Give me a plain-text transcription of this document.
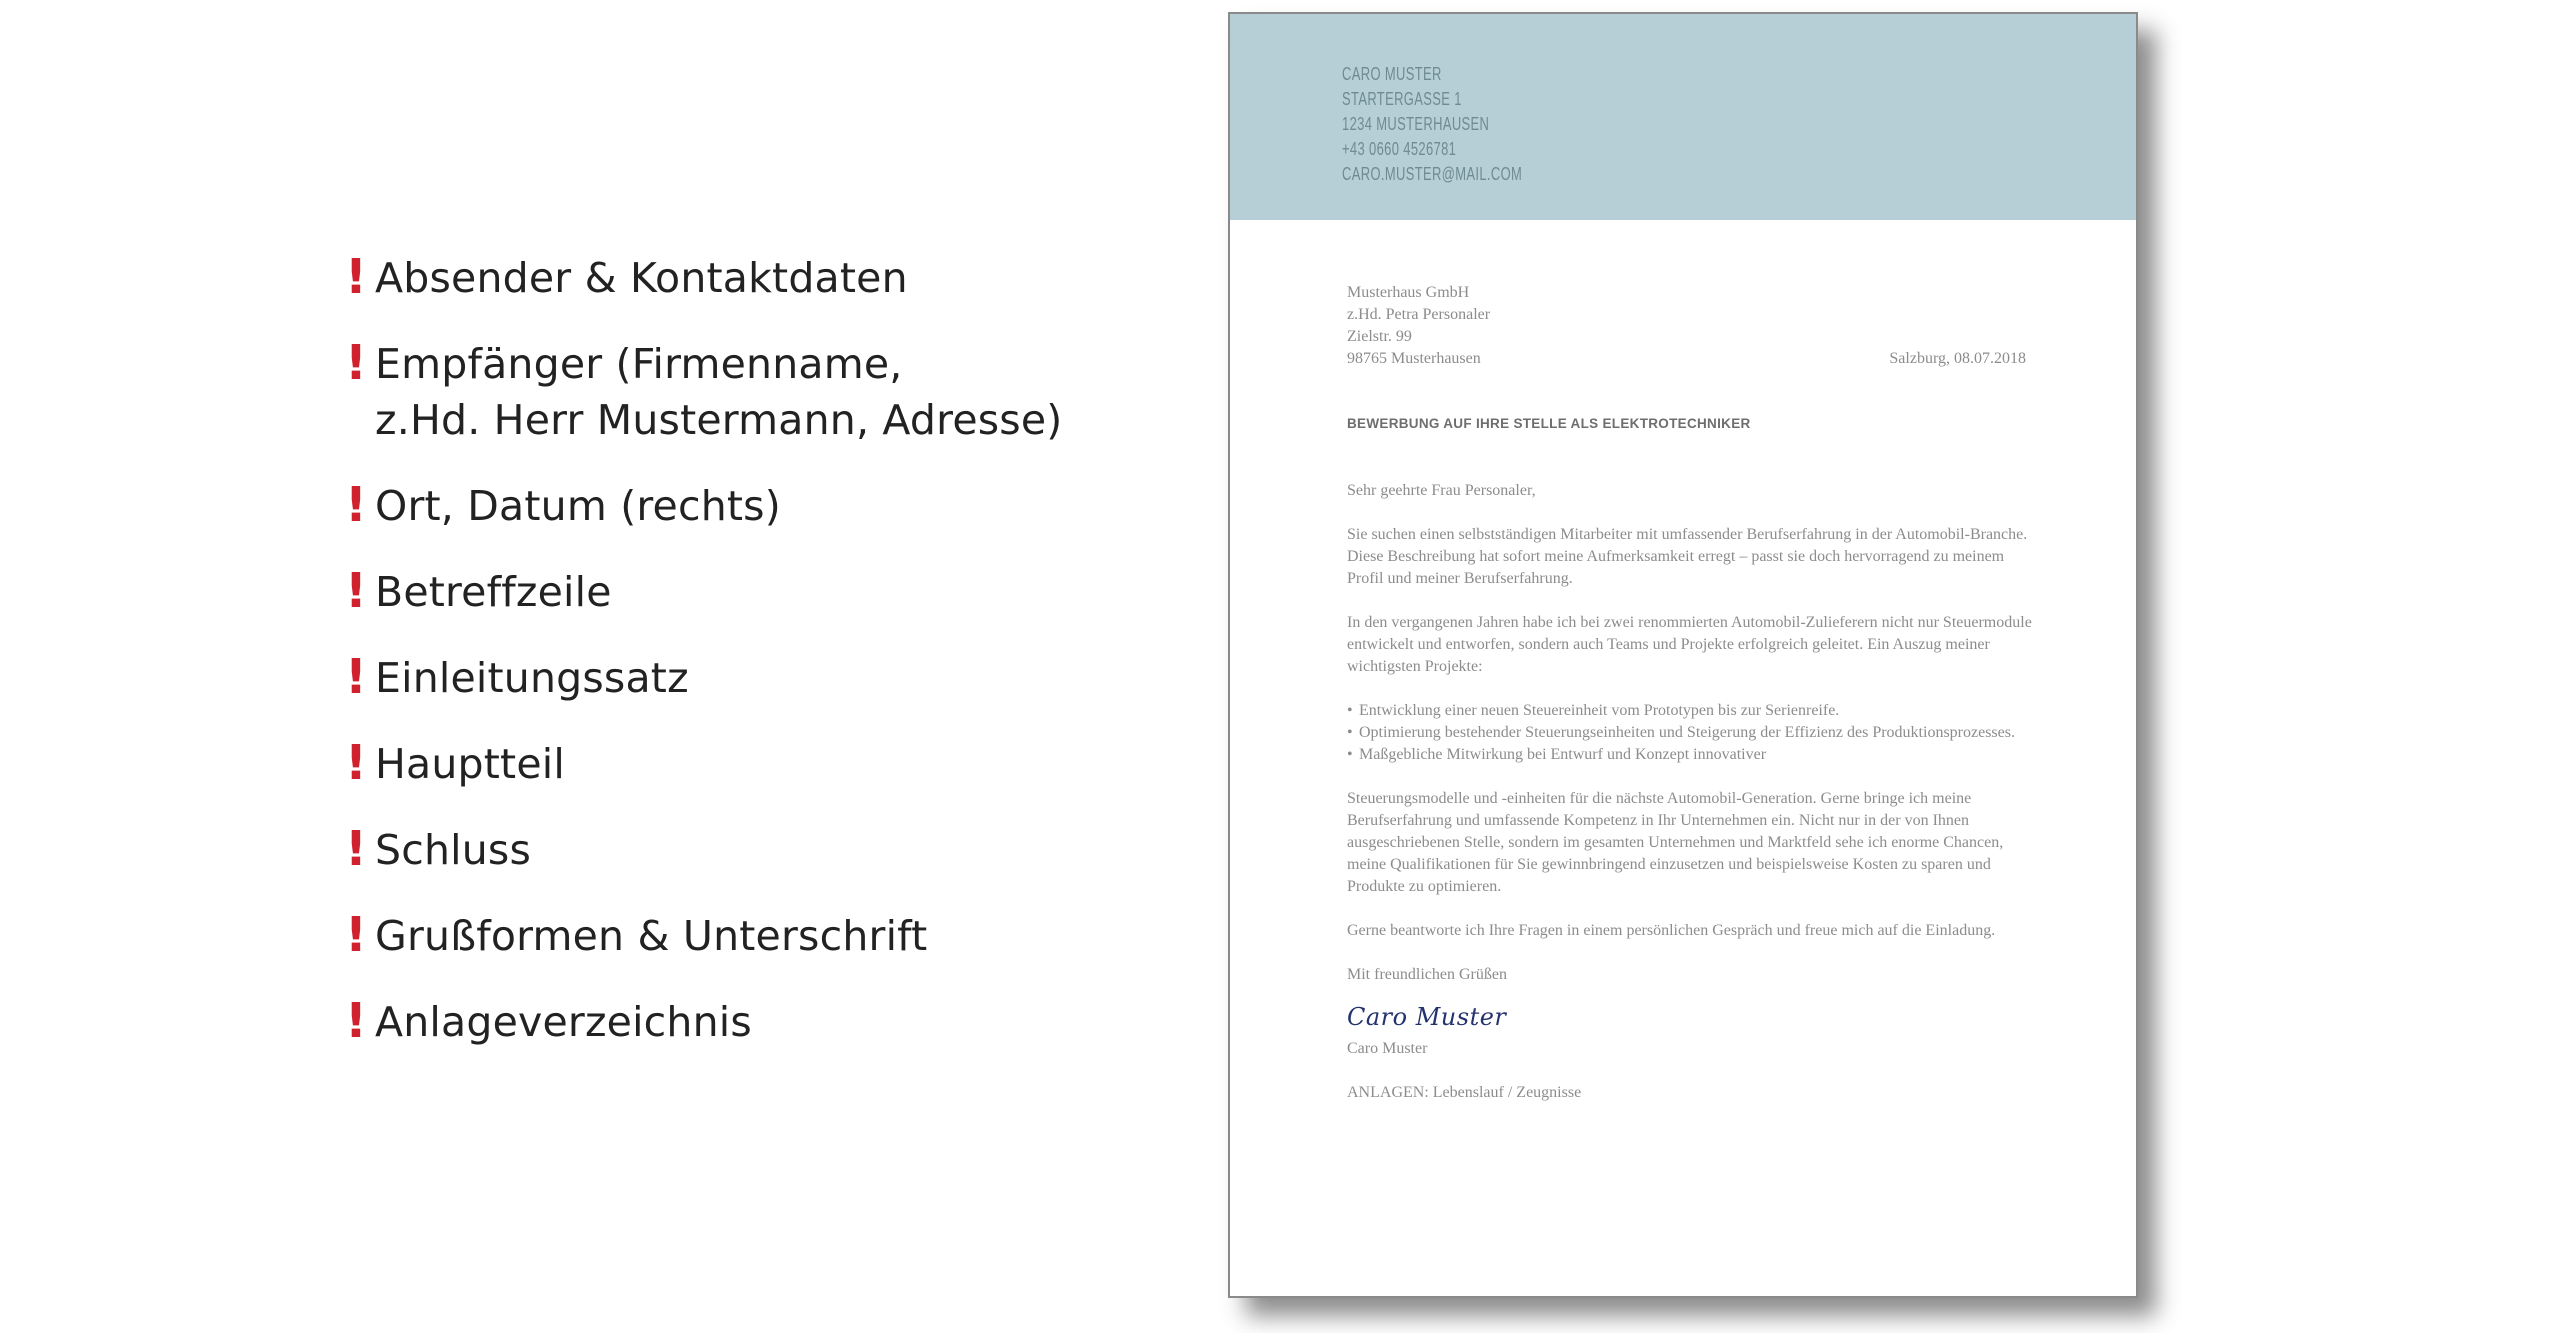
! Absender & Kontaktdaten
! Empfänger (Firmenname,
z.Hd. Herr Mustermann, Adresse)
! Ort, Datum (rechts)
! Betreffzeile
! Einleitungssatz
! Hauptteil
! Schluss
! Grußformen & Unterschrift
! Anlageverzeichnis
CARO MUSTER
STARTERGASSE 1
1234 MUSTERHAUSEN
+43 0660 4526781
CARO.MUSTER@MAIL.COM
Musterhaus GmbH
z.Hd. Petra Personaler
Zielstr. 99
98765 Musterhausen	Salzburg, 08.07.2018
BEWERBUNG AUF IHRE STELLE ALS ELEKTROTECHNIKER

Sehr geehrte Frau Personaler,

Sie suchen einen selbstständigen Mitarbeiter mit umfassender Berufserfahrung in der Automobil-Branche. Diese Beschreibung hat sofort meine Aufmerksamkeit erregt – passt sie doch hervorragend zu meinem Profil und meiner Berufserfahrung.

In den vergangenen Jahren habe ich bei zwei renommierten Automobil-Zulieferern nicht nur Steuermodule entwickelt und entworfen, sondern auch Teams und Projekte erfolgreich geleitet. Ein Auszug meiner wichtigsten Projekte:

• Entwicklung einer neuen Steuereinheit vom Prototypen bis zur Serienreife.
• Optimierung bestehender Steuerungseinheiten und Steigerung der Effizienz des Produktionsprozesses.
• Maßgebliche Mitwirkung bei Entwurf und Konzept innovativer

Steuerungsmodelle und -einheiten für die nächste Automobil-Generation. Gerne bringe ich meine Berufserfahrung und umfassende Kompetenz in Ihr Unternehmen ein. Nicht nur in der von Ihnen ausgeschriebenen Stelle, sondern im gesamten Unternehmen und Marktfeld sehe ich enorme Chancen, meine Qualifikationen für Sie gewinnbringend einzusetzen und beispielsweise Kosten zu sparen und Produkte zu optimieren.

Gerne beantworte ich Ihre Fragen in einem persönlichen Gespräch und freue mich auf die Einladung.

Mit freundlichen Grüßen

Caro Muster

Caro Muster

ANLAGEN: Lebenslauf / Zeugnisse
